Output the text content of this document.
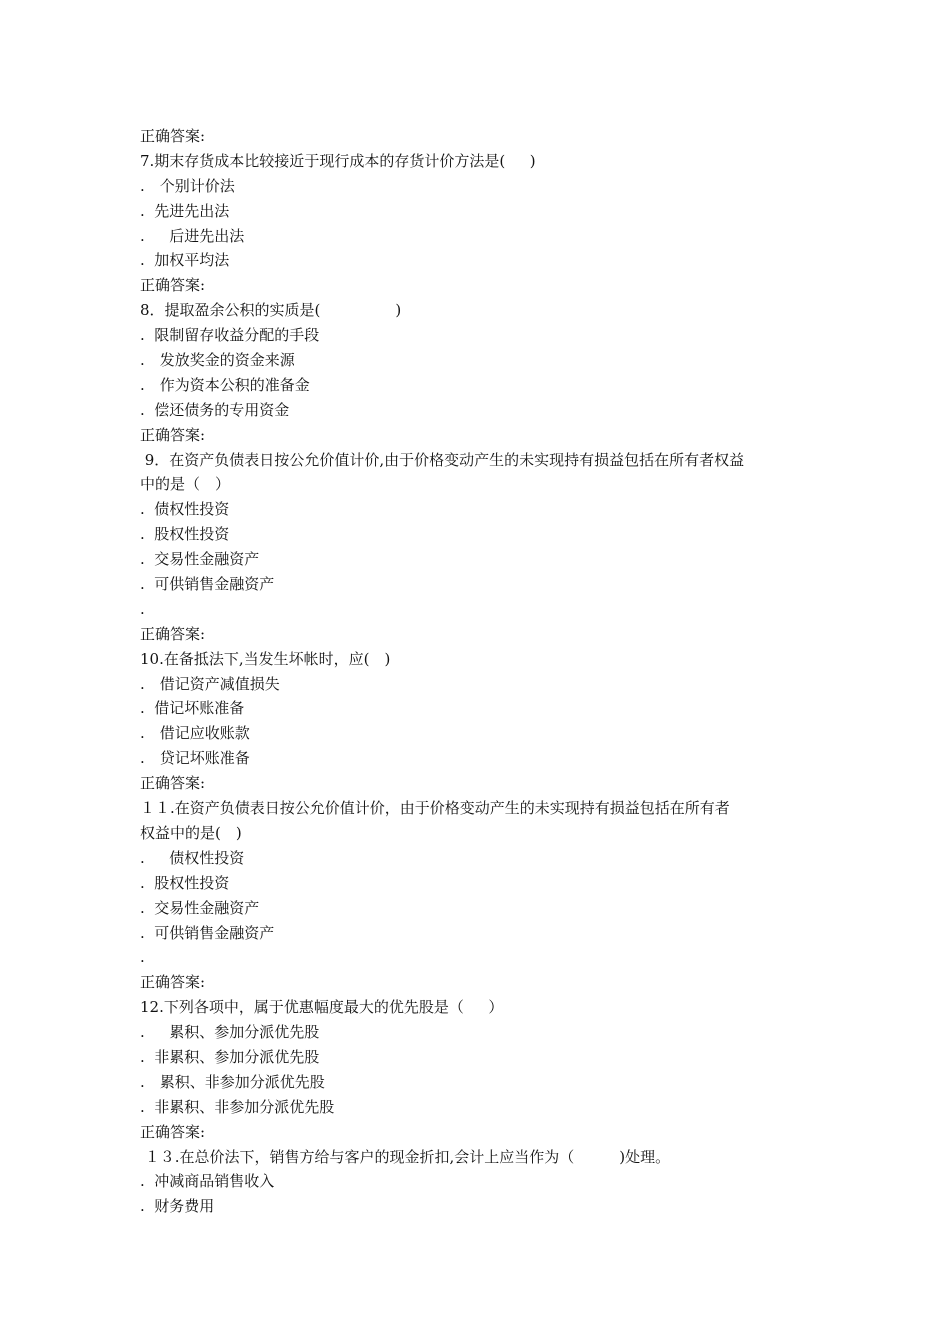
正确答案:
7.期末存货成本比较接近于现行成本的存货计价方法是(　  )
.　个别计价法
.  先进先出法
.　  后进先出法
.  加权平均法
正确答案:
8．提取盈余公积的实质是(　　　　　)
.  限制留存收益分配的手段
.　发放奖金的资金来源
.　作为资本公积的准备金
.  偿还债务的专用资金
正确答案:
9．在资产负债表日按公允价值计价,由于价格变动产生的未实现持有损益包括在所有者权益
中的是（　）
.  债权性投资
.  股权性投资
.  交易性金融资产
.  可供销售金融资产
.
正确答案:
10.在备抵法下,当发生坏帐时，应(　)
.　借记资产减值损失
.  借记坏账准备
.　借记应收账款
.　贷记坏账准备
正确答案:
１１.在资产负债表日按公允价值计价，由于价格变动产生的未实现持有损益包括在所有者
权益中的是(　)
.　  债权性投资
.  股权性投资
.  交易性金融资产
.  可供销售金融资产
.
正确答案:
12.下列各项中，属于优惠幅度最大的优先股是（　  ）
.　  累积、参加分派优先股
.  非累积、参加分派优先股
.　累积、非参加分派优先股
.  非累积、非参加分派优先股
正确答案:
１３.在总价法下，销售方给与客户的现金折扣,会计上应当作为（　　　)处理。
.  冲减商品销售收入
.  财务费用
